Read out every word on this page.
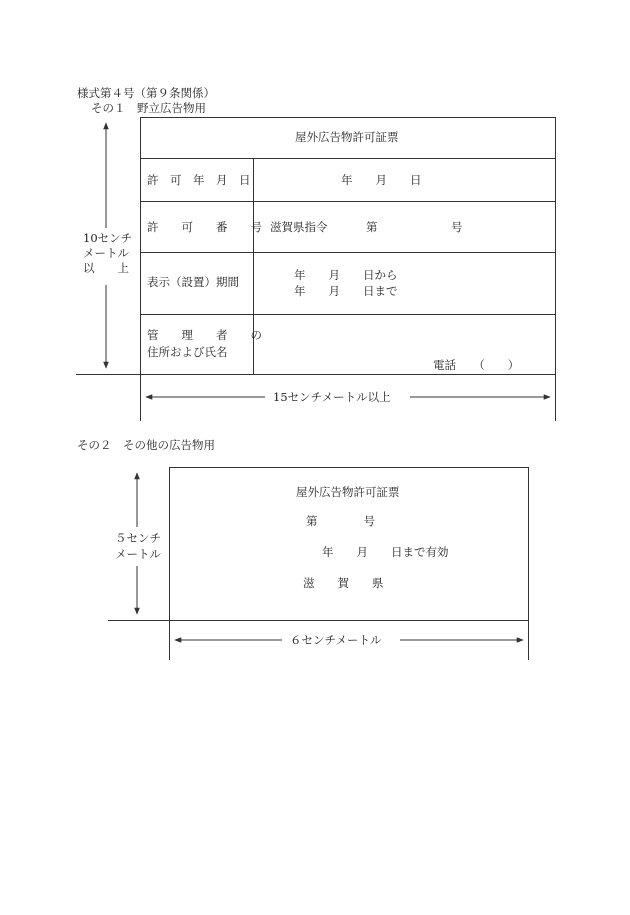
様式第４号（第９条関係）
その１　野立広告物用
屋外広告物許可証票
許　可　年　月　日	年　　月　　日
許　　可　　番　　号 滋賀県指令	第	号
表示（設置）期間	年　　月　　日から
年　　月　　日まで
管　　理　　者　　の
住所および氏名
電話　　（　　）
10センチ
メートル
以　　上
15センチメートル以上
その２　その他の広告物用
屋外広告物許可証票
第　　　　号
年　　月　　日まで有効
滋　　賀　　県
５センチ
メートル
６センチメートル
